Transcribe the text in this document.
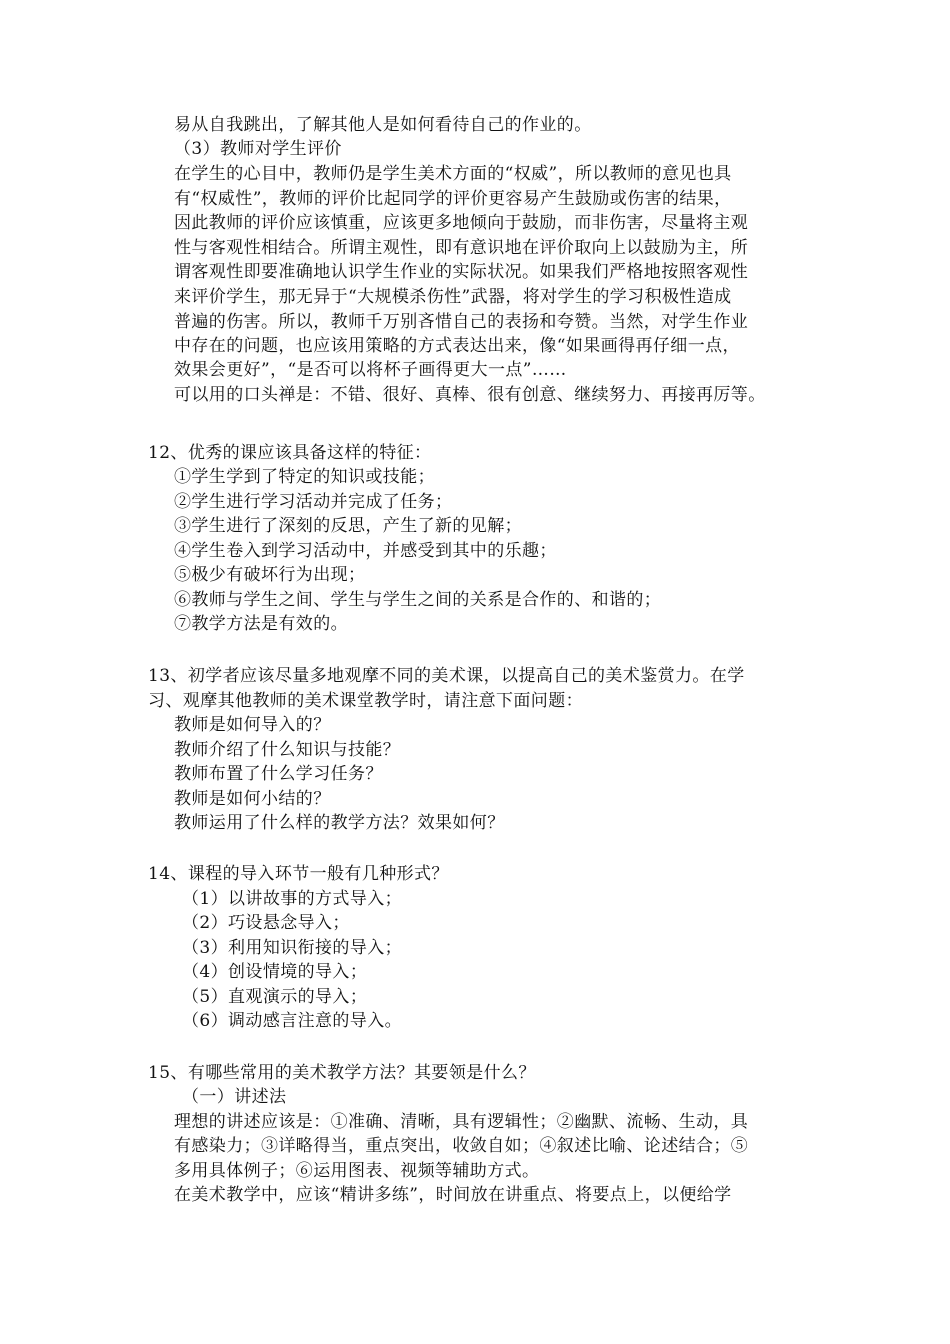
易从自我跳出，了解其他人是如何看待自己的作业的。
（3）教师对学生评价
在学生的心目中，教师仍是学生美术方面的“权威”，所以教师的意见也具
有“权威性”，教师的评价比起同学的评价更容易产生鼓励或伤害的结果，
因此教师的评价应该慎重，应该更多地倾向于鼓励，而非伤害，尽量将主观
性与客观性相结合。所谓主观性，即有意识地在评价取向上以鼓励为主，所
谓客观性即要准确地认识学生作业的实际状况。如果我们严格地按照客观性
来评价学生，那无异于“大规模杀伤性”武器，将对学生的学习积极性造成
普遍的伤害。所以，教师千万别吝惜自己的表扬和夸赞。当然，对学生作业
中存在的问题，也应该用策略的方式表达出来，像“如果画得再仔细一点，
效果会更好”，“是否可以将杯子画得更大一点”……
可以用的口头禅是：不错、很好、真棒、很有创意、继续努力、再接再厉等。
12、优秀的课应该具备这样的特征：
①学生学到了特定的知识或技能；
②学生进行学习活动并完成了任务；
③学生进行了深刻的反思，产生了新的见解；
④学生卷入到学习活动中，并感受到其中的乐趣；
⑤极少有破坏行为出现；
⑥教师与学生之间、学生与学生之间的关系是合作的、和谐的；
⑦教学方法是有效的。
13、初学者应该尽量多地观摩不同的美术课，以提高自己的美术鉴赏力。在学
习、观摩其他教师的美术课堂教学时，请注意下面问题：
教师是如何导入的？
教师介绍了什么知识与技能？
教师布置了什么学习任务？
教师是如何小结的？
教师运用了什么样的教学方法？效果如何？
14、课程的导入环节一般有几种形式？
（1）以讲故事的方式导入；
（2）巧设悬念导入；
（3）利用知识衔接的导入；
（4）创设情境的导入；
（5）直观演示的导入；
（6）调动感言注意的导入。
15、有哪些常用的美术教学方法？其要领是什么？
（一）讲述法
理想的讲述应该是：①准确、清晰，具有逻辑性；②幽默、流畅、生动，具
有感染力；③详略得当，重点突出，收敛自如；④叙述比喻、论述结合；⑤
多用具体例子；⑥运用图表、视频等辅助方式。
在美术教学中，应该“精讲多练”，时间放在讲重点、将要点上，以便给学
